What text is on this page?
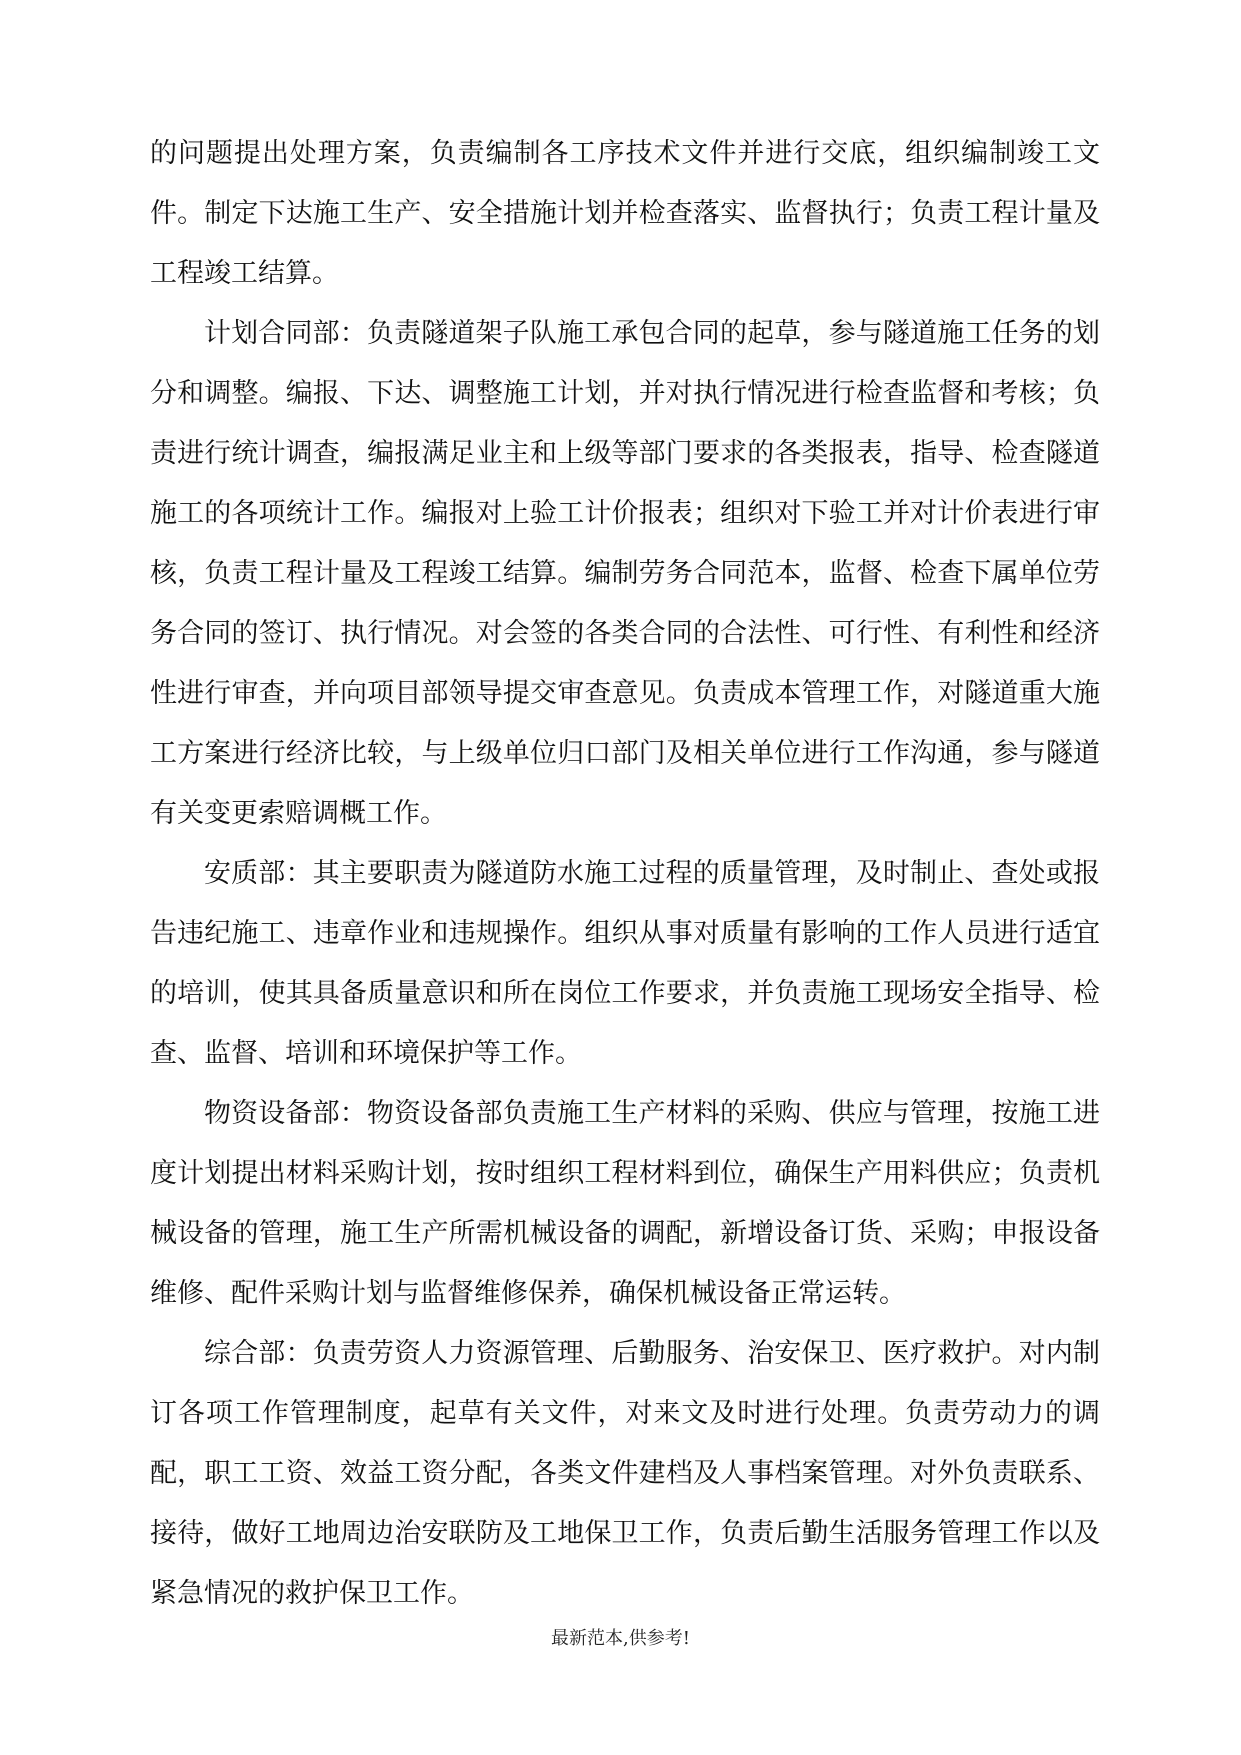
的问题提出处理方案，负责编制各工序技术文件并进行交底，组织编制竣工文件。制定下达施工生产、安全措施计划并检查落实、监督执行；负责工程计量及工程竣工结算。

计划合同部：负责隧道架子队施工承包合同的起草，参与隧道施工任务的划分和调整。编报、下达、调整施工计划，并对执行情况进行检查监督和考核；负责进行统计调查，编报满足业主和上级等部门要求的各类报表，指导、检查隧道施工的各项统计工作。编报对上验工计价报表；组织对下验工并对计价表进行审核，负责工程计量及工程竣工结算。编制劳务合同范本，监督、检查下属单位劳务合同的签订、执行情况。对会签的各类合同的合法性、可行性、有利性和经济性进行审查，并向项目部领导提交审查意见。负责成本管理工作，对隧道重大施工方案进行经济比较，与上级单位归口部门及相关单位进行工作沟通，参与隧道有关变更索赔调概工作。

安质部：其主要职责为隧道防水施工过程的质量管理，及时制止、查处或报告违纪施工、违章作业和违规操作。组织从事对质量有影响的工作人员进行适宜的培训，使其具备质量意识和所在岗位工作要求，并负责施工现场安全指导、检查、监督、培训和环境保护等工作。

物资设备部：物资设备部负责施工生产材料的采购、供应与管理，按施工进度计划提出材料采购计划，按时组织工程材料到位，确保生产用料供应；负责机械设备的管理，施工生产所需机械设备的调配，新增设备订货、采购；申报设备维修、配件采购计划与监督维修保养，确保机械设备正常运转。

综合部：负责劳资人力资源管理、后勤服务、治安保卫、医疗救护。对内制订各项工作管理制度，起草有关文件，对来文及时进行处理。负责劳动力的调配，职工工资、效益工资分配，各类文件建档及人事档案管理。对外负责联系、接待，做好工地周边治安联防及工地保卫工作，负责后勤生活服务管理工作以及紧急情况的救护保卫工作。

最新范本,供参考!
